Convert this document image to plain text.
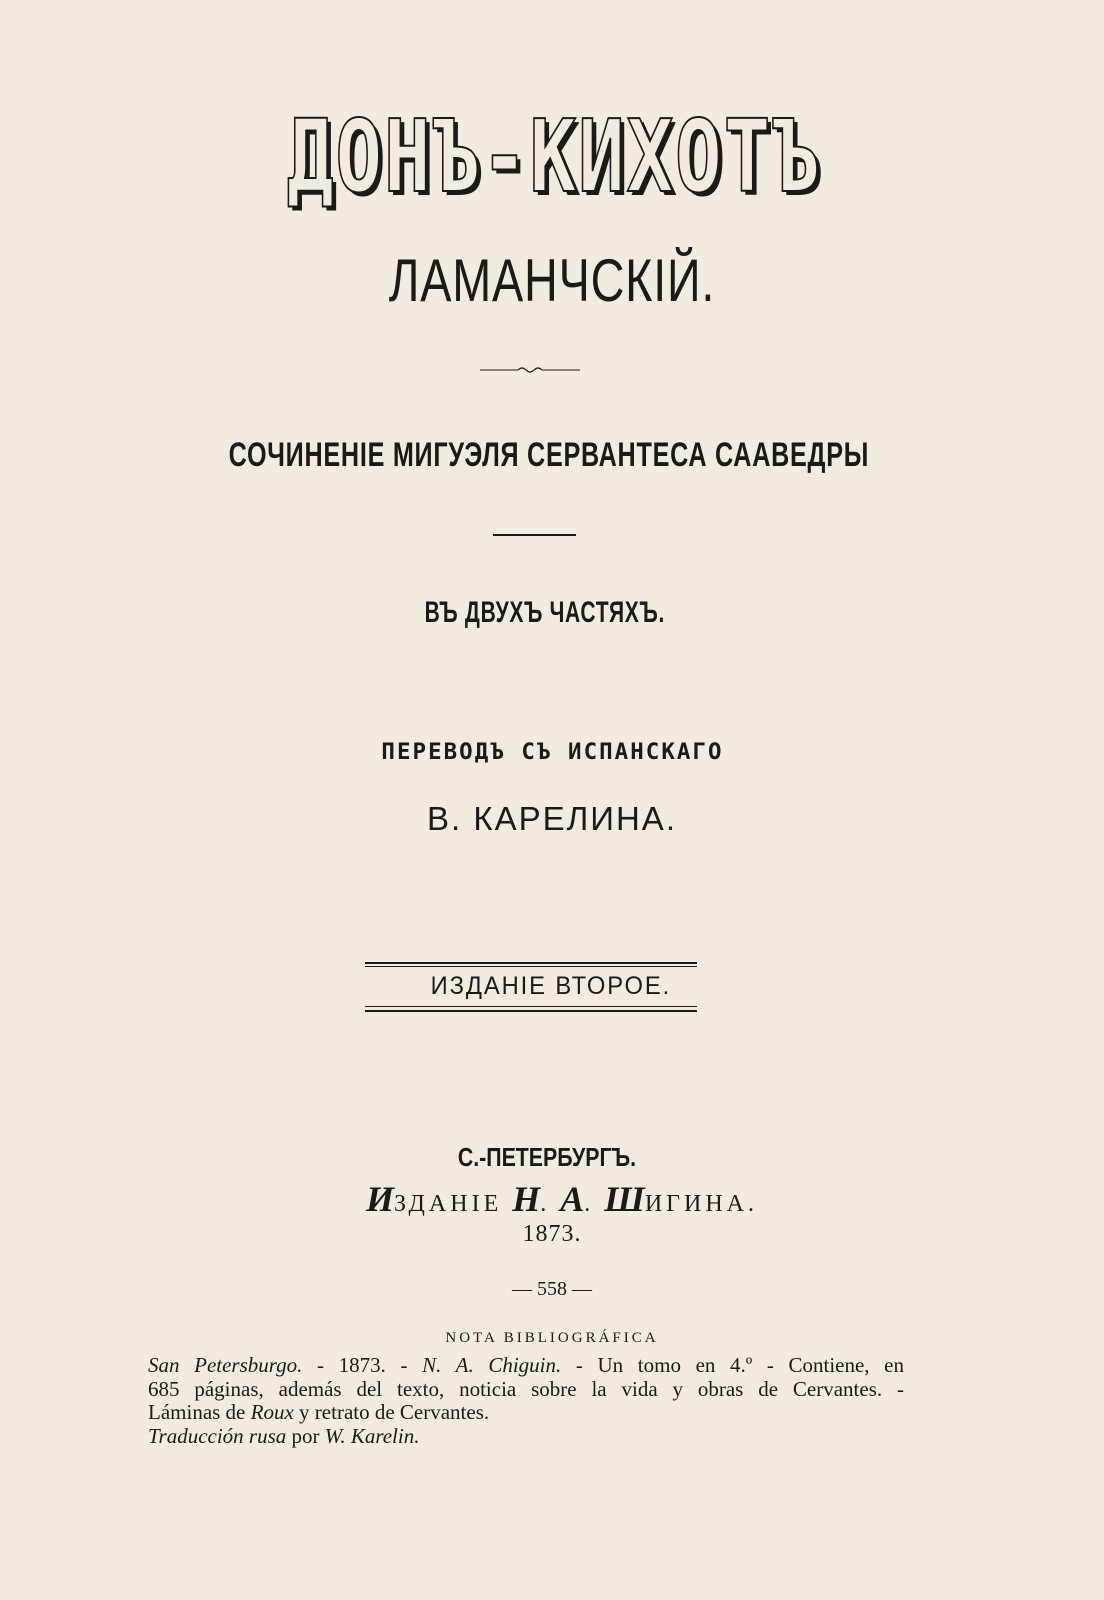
ДОНЪ-КИХОТЪ
ЛАМАНЧСКІЙ.
СОЧИНЕНІЕ МИГУЭЛЯ СЕРВАНТЕСА СААВЕДРЫ
ВЪ ДВУХЪ ЧАСТЯХЪ.
ПЕРЕВОДЪ СЪ ИСПАНСКАГО
В. КАРЕЛИНА.
ИЗДАНІЕ ВТОРОЕ.
С.-ПЕТЕРБУРГЪ.
ИЗДАНІЕ Н. А. ШИГИНА.
1873.
— 558 —
NOTA BIBLIOGRÁFICA
San Petersburgo. - 1873. - N. A. Chiguin. - Un tomo en 4.º - Contiene, en
685 páginas, además del texto, noticia sobre la vida y obras de Cervantes. -
Láminas de Roux y retrato de Cervantes.
Traducción rusa por W. Karelin.
